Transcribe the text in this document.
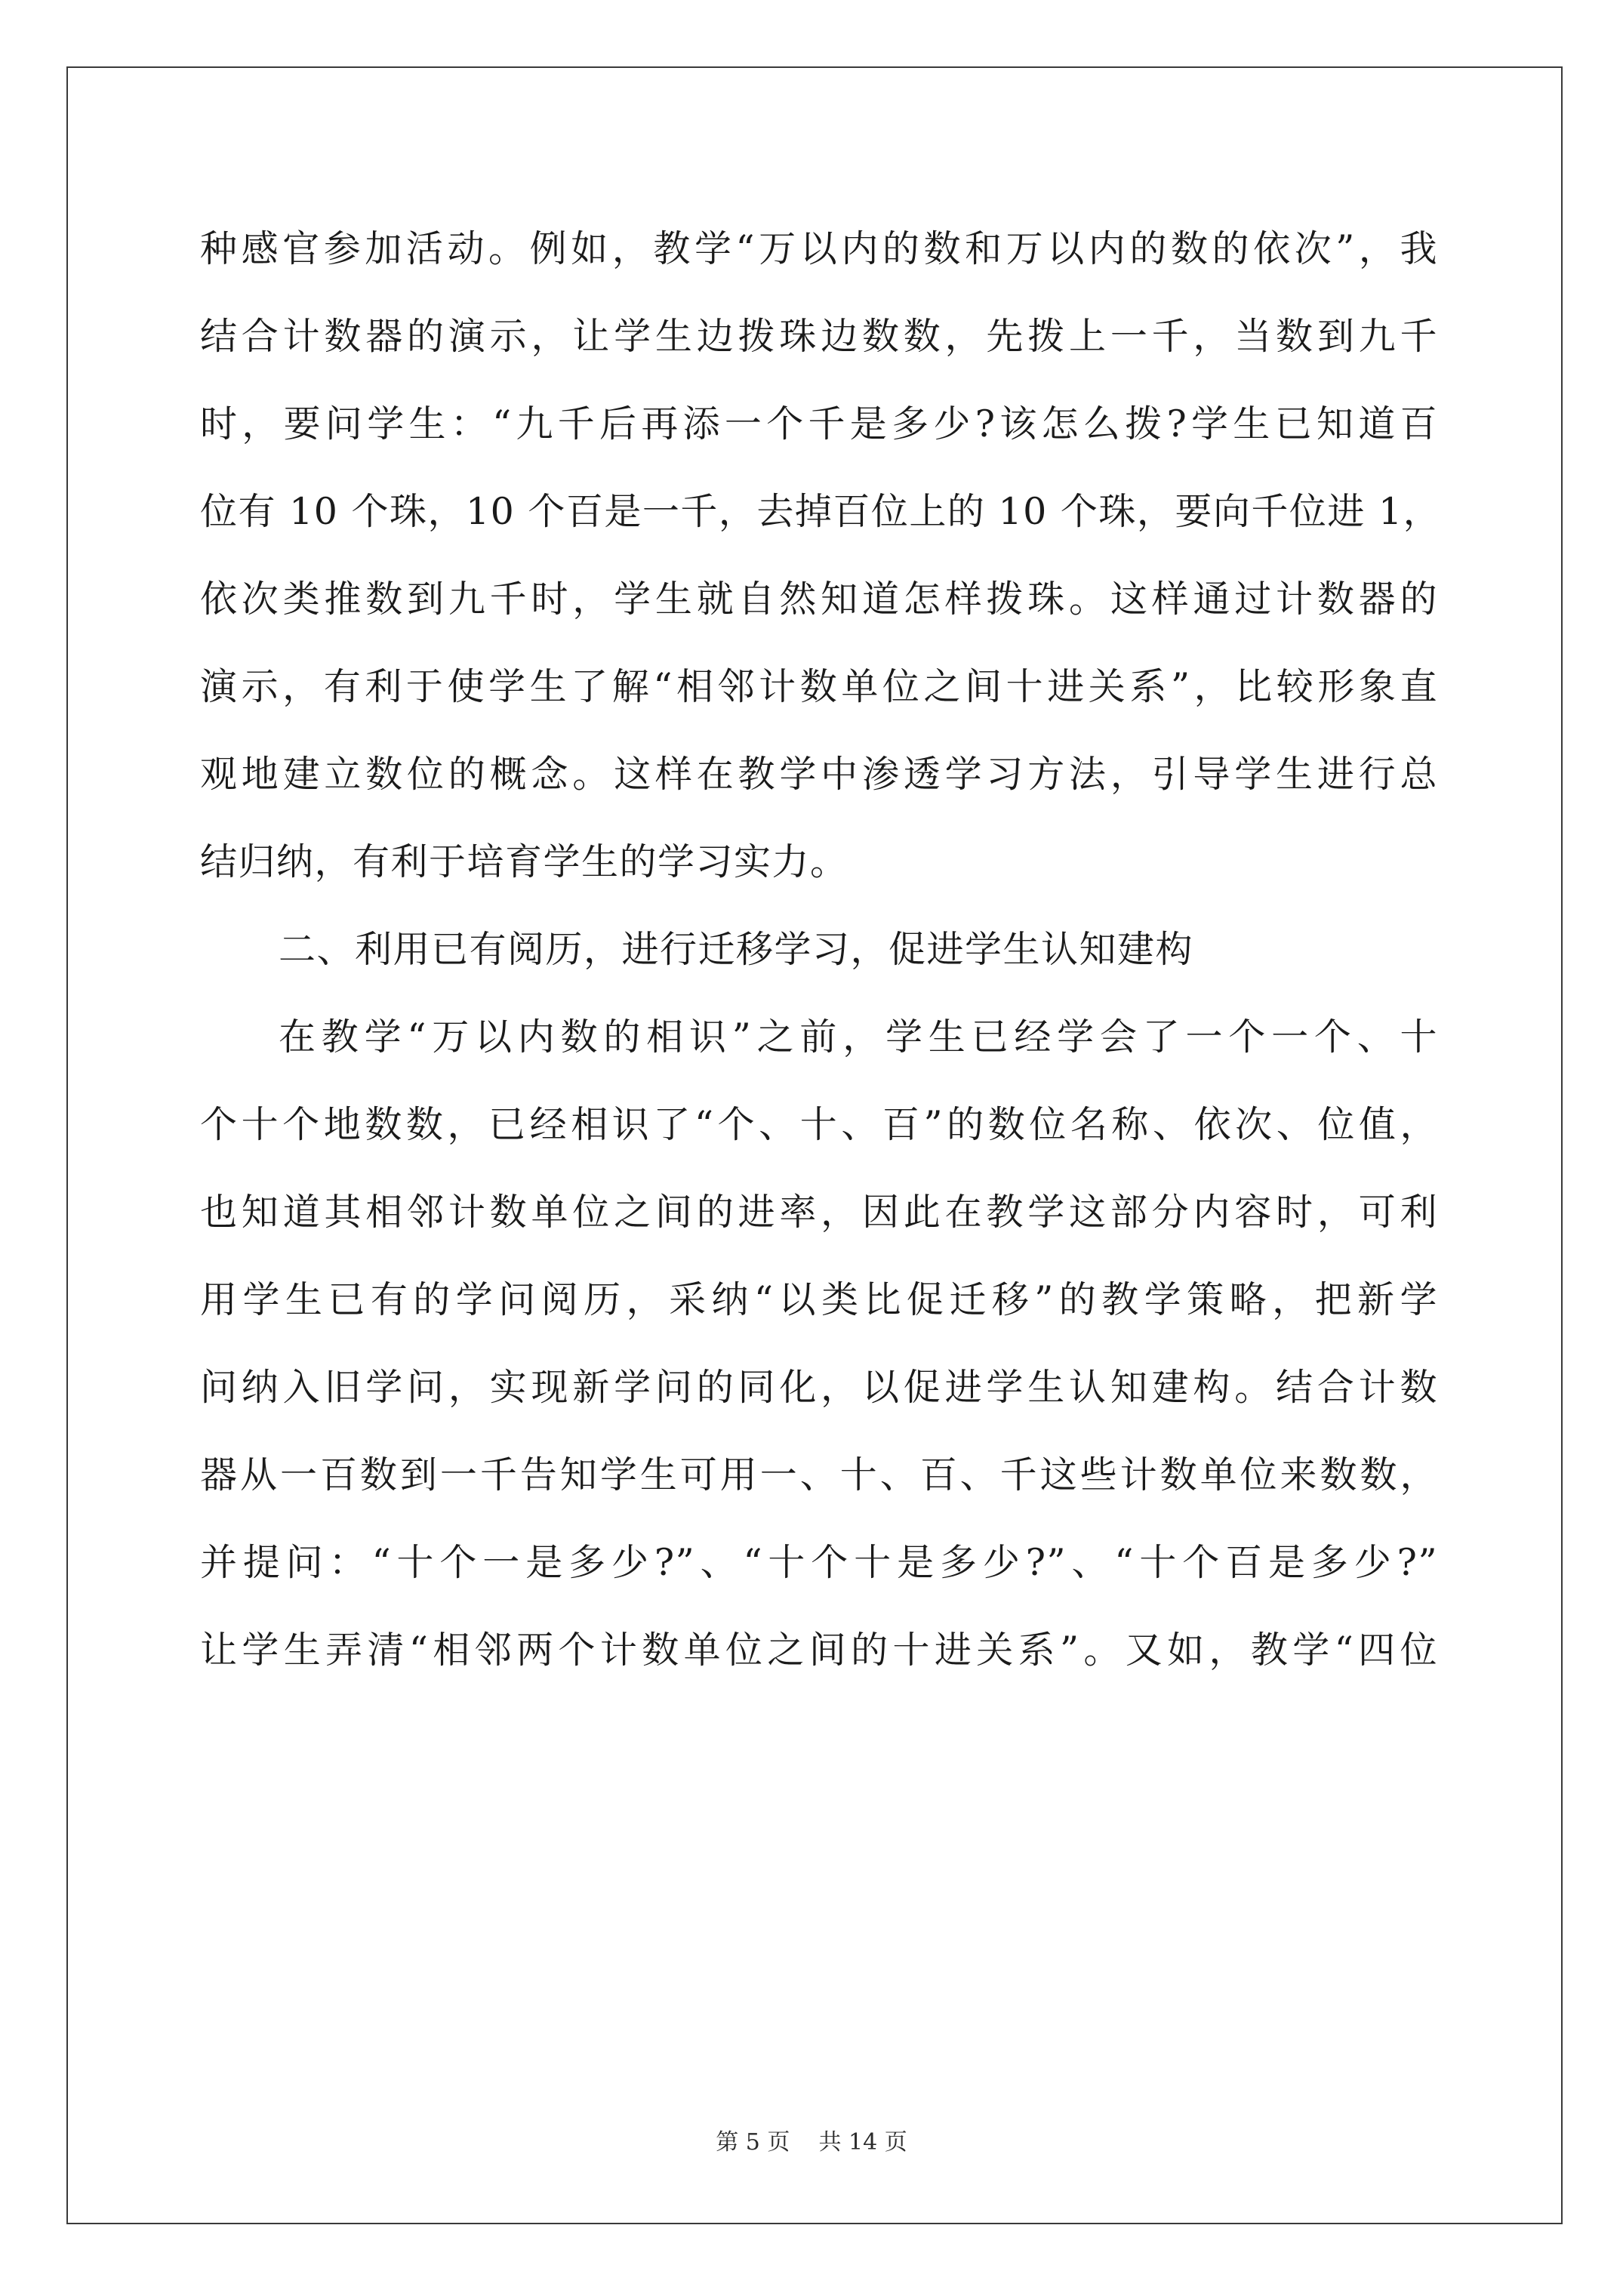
种感官参加活动。例如，教学“万以内的数和万以内的数的依次”，我
结合计数器的演示，让学生边拨珠边数数，先拨上一千，当数到九千
时，要问学生：“九千后再添一个千是多少?该怎么拨?学生已知道百
位有 10 个珠，10 个百是一千，去掉百位上的 10 个珠，要向千位进 1，
依次类推数到九千时，学生就自然知道怎样拨珠。这样通过计数器的
演示，有利于使学生了解“相邻计数单位之间十进关系”，比较形象直
观地建立数位的概念。这样在教学中渗透学习方法，引导学生进行总
结归纳，有利于培育学生的学习实力。
二、利用已有阅历，进行迁移学习，促进学生认知建构
在教学“万以内数的相识”之前，学生已经学会了一个一个、十
个十个地数数，已经相识了“个、十、百”的数位名称、依次、位值，
也知道其相邻计数单位之间的进率，因此在教学这部分内容时，可利
用学生已有的学问阅历，采纳“以类比促迁移”的教学策略，把新学
问纳入旧学问，实现新学问的同化，以促进学生认知建构。结合计数
器从一百数到一千告知学生可用一、十、百、千这些计数单位来数数，
并提问：“十个一是多少?”、“十个十是多少?”、“十个百是多少?”
让学生弄清“相邻两个计数单位之间的十进关系”。又如，教学“四位
第 5 页    共 14 页
